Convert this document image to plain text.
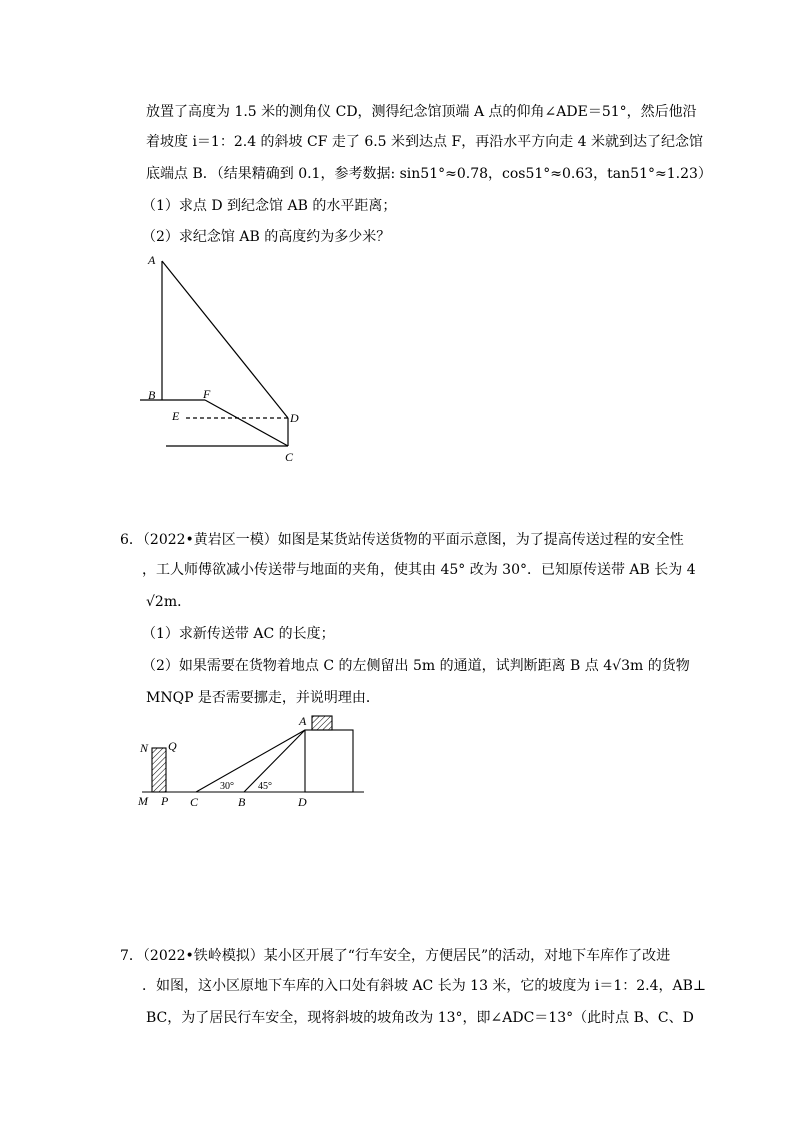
放置了高度为 1.5 米的测角仪 CD，测得纪念馆顶端 A 点的仰角∠ADE＝51°，然后他沿
着坡度 i＝1：2.4 的斜坡 CF 走了 6.5 米到达点 F，再沿水平方向走 4 米就到达了纪念馆
底端点 B．（结果精确到 0.1，参考数据: sin51°≈0.78，cos51°≈0.63，tan51°≈1.23）
（1）求点 D 到纪念馆 AB 的水平距离；
（2）求纪念馆 AB 的高度约为多少米？
A
B	F
E	D
C
6．（2022•黄岩区一模）如图是某货站传送货物的平面示意图，为了提高传送过程的安全性
，工人师傅欲减小传送带与地面的夹角，使其由 45° 改为 30°．已知原传送带 AB 长为 4
√2m．
（1）求新传送带 AC 的长度；
（2）如果需要在货物着地点 C 的左侧留出 5m 的通道，试判断距离 B 点 4√3m 的货物
MNQP 是否需要挪走，并说明理由．
A
N Q
M P C	B	D
30° 45°
7．（2022•铁岭模拟）某小区开展了“行车安全，方便居民”的活动，对地下车库作了改进
．如图，这小区原地下车库的入口处有斜坡 AC 长为 13 米，它的坡度为 i＝1：2.4，AB⊥
BC，为了居民行车安全，现将斜坡的坡角改为 13°，即∠ADC＝13°（此时点 B、C、D
